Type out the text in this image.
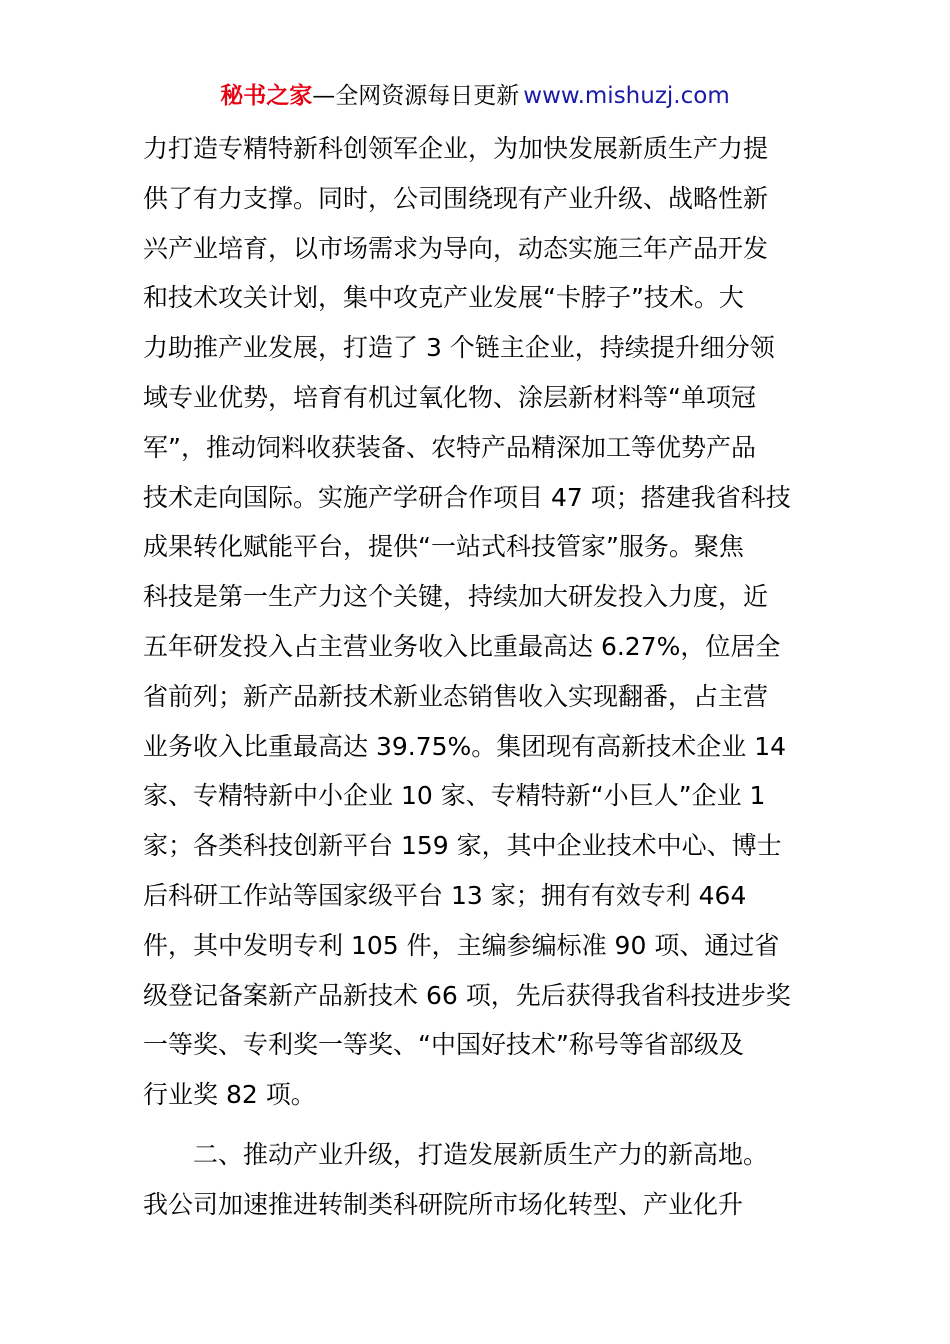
秘书之家—全网资源每日更新 www.mishuzj.com
力打造专精特新科创领军企业，为加快发展新质生产力提
供了有力支撑。同时，公司围绕现有产业升级、战略性新
兴产业培育，以市场需求为导向，动态实施三年产品开发
和技术攻关计划，集中攻克产业发展“卡脖子”技术。大
力助推产业发展，打造了 3 个链主企业，持续提升细分领
域专业优势，培育有机过氧化物、涂层新材料等“单项冠
军”，推动饲料收获装备、农特产品精深加工等优势产品
技术走向国际。实施产学研合作项目 47 项；搭建我省科技
成果转化赋能平台，提供“一站式科技管家”服务。聚焦
科技是第一生产力这个关键，持续加大研发投入力度，近
五年研发投入占主营业务收入比重最高达 6.27%，位居全
省前列；新产品新技术新业态销售收入实现翻番，占主营
业务收入比重最高达 39.75%。集团现有高新技术企业 14
家、专精特新中小企业 10 家、专精特新“小巨人”企业 1
家；各类科技创新平台 159 家，其中企业技术中心、博士
后科研工作站等国家级平台 13 家；拥有有效专利 464
件，其中发明专利 105 件，主编参编标准 90 项、通过省
级登记备案新产品新技术 66 项，先后获得我省科技进步奖
一等奖、专利奖一等奖、“中国好技术”称号等省部级及
行业奖 82 项。
二、推动产业升级，打造发展新质生产力的新高地。
我公司加速推进转制类科研院所市场化转型、产业化升
